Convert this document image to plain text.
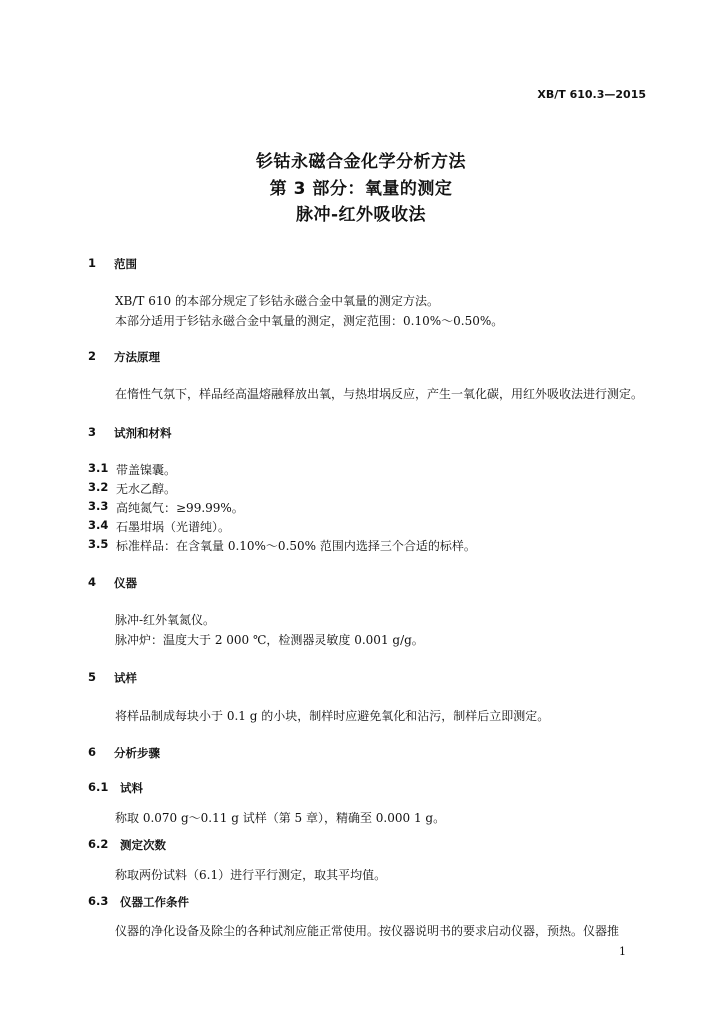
XB/T 610.3—2015
钐钴永磁合金化学分析方法
第 3 部分：氧量的测定
脉冲-红外吸收法
1 范围
XB/T 610 的本部分规定了钐钴永磁合金中氧量的测定方法。
本部分适用于钐钴永磁合金中氧量的测定，测定范围：0.10%～0.50%。
2 方法原理
在惰性气氛下，样品经高温熔融释放出氧，与热坩埚反应，产生一氧化碳，用红外吸收法进行测定。
3 试剂和材料
3.1 带盖镍囊。
3.2 无水乙醇。
3.3 高纯氮气：≥99.99%。
3.4 石墨坩埚（光谱纯）。
3.5 标准样品：在含氧量 0.10%～0.50% 范围内选择三个合适的标样。
4 仪器
脉冲-红外氧氮仪。
脉冲炉：温度大于 2 000 ℃，检测器灵敏度 0.001 g/g。
5 试样
将样品制成每块小于 0.1 g 的小块，制样时应避免氧化和沾污，制样后立即测定。
6 分析步骤
6.1 试料
称取 0.070 g～0.11 g 试样（第 5 章），精确至 0.000 1 g。
6.2 测定次数
称取两份试料（6.1）进行平行测定，取其平均值。
6.3 仪器工作条件
仪器的净化设备及除尘的各种试剂应能正常使用。按仪器说明书的要求启动仪器，预热。仪器推
1
